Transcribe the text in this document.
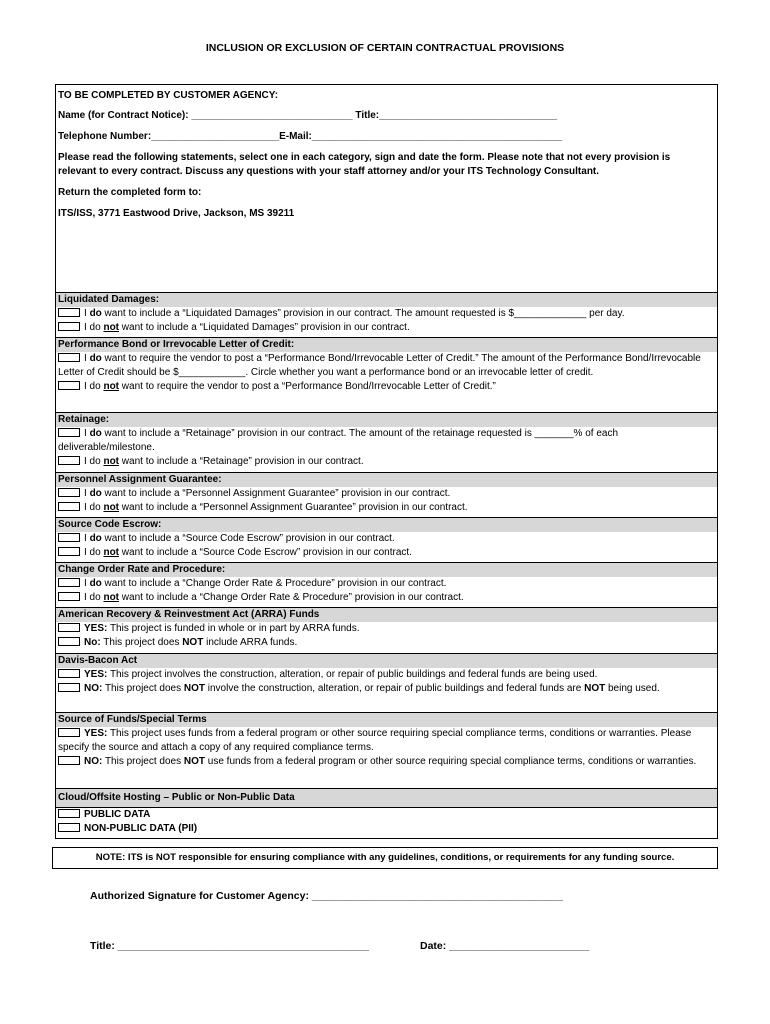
INCLUSION OR EXCLUSION OF CERTAIN CONTRACTUAL PROVISIONS

TO BE COMPLETED BY CUSTOMER AGENCY:

Name (for Contract Notice): _____________________________ Title:________________________________

Telephone Number:_______________________E-Mail:_____________________________________________

Please read the following statements, select one in each category, sign and date the form. Please note that not every provision is relevant to every contract. Discuss any questions with your staff attorney and/or your ITS Technology Consultant.

Return the completed form to:

ITS/ISS, 3771 Eastwood Drive, Jackson, MS 39211

Liquidated Damages:
I do want to include a “Liquidated Damages” provision in our contract. The amount requested is $_____________ per day.
I do not want to include a “Liquidated Damages” provision in our contract.
Performance Bond or Irrevocable Letter of Credit:
I do want to require the vendor to post a “Performance Bond/Irrevocable Letter of Credit.” The amount of the Performance Bond/Irrevocable Letter of Credit should be $____________. Circle whether you want a performance bond or an irrevocable letter of credit.
I do not want to require the vendor to post a “Performance Bond/Irrevocable Letter of Credit.”
Retainage:
I do want to include a “Retainage” provision in our contract. The amount of the retainage requested is _______% of each deliverable/milestone.
I do not want to include a “Retainage” provision in our contract.
Personnel Assignment Guarantee:
I do want to include a “Personnel Assignment Guarantee” provision in our contract.
I do not want to include a “Personnel Assignment Guarantee” provision in our contract.
Source Code Escrow:
I do want to include a “Source Code Escrow” provision in our contract.
I do not want to include a “Source Code Escrow” provision in our contract.
Change Order Rate and Procedure:
I do want to include a “Change Order Rate & Procedure” provision in our contract.
I do not want to include a “Change Order Rate & Procedure” provision in our contract.
American Recovery & Reinvestment Act (ARRA) Funds
YES: This project is funded in whole or in part by ARRA funds.
No: This project does NOT include ARRA funds.
Davis-Bacon Act
YES: This project involves the construction, alteration, or repair of public buildings and federal funds are being used.
NO: This project does NOT involve the construction, alteration, or repair of public buildings and federal funds are NOT being used.
Source of Funds/Special Terms
YES: This project uses funds from a federal program or other source requiring special compliance terms, conditions or warranties. Please specify the source and attach a copy of any required compliance terms.
NO: This project does NOT use funds from a federal program or other source requiring special compliance terms, conditions or warranties.
Cloud/Offsite Hosting – Public or Non-Public Data
PUBLIC DATA
NON-PUBLIC DATA (PII)
NOTE: ITS is NOT responsible for ensuring compliance with any guidelines, conditions, or requirements for any funding source.
Authorized Signature for Customer Agency: ___________________________________________
Title: ___________________________________________	Date: ________________________
